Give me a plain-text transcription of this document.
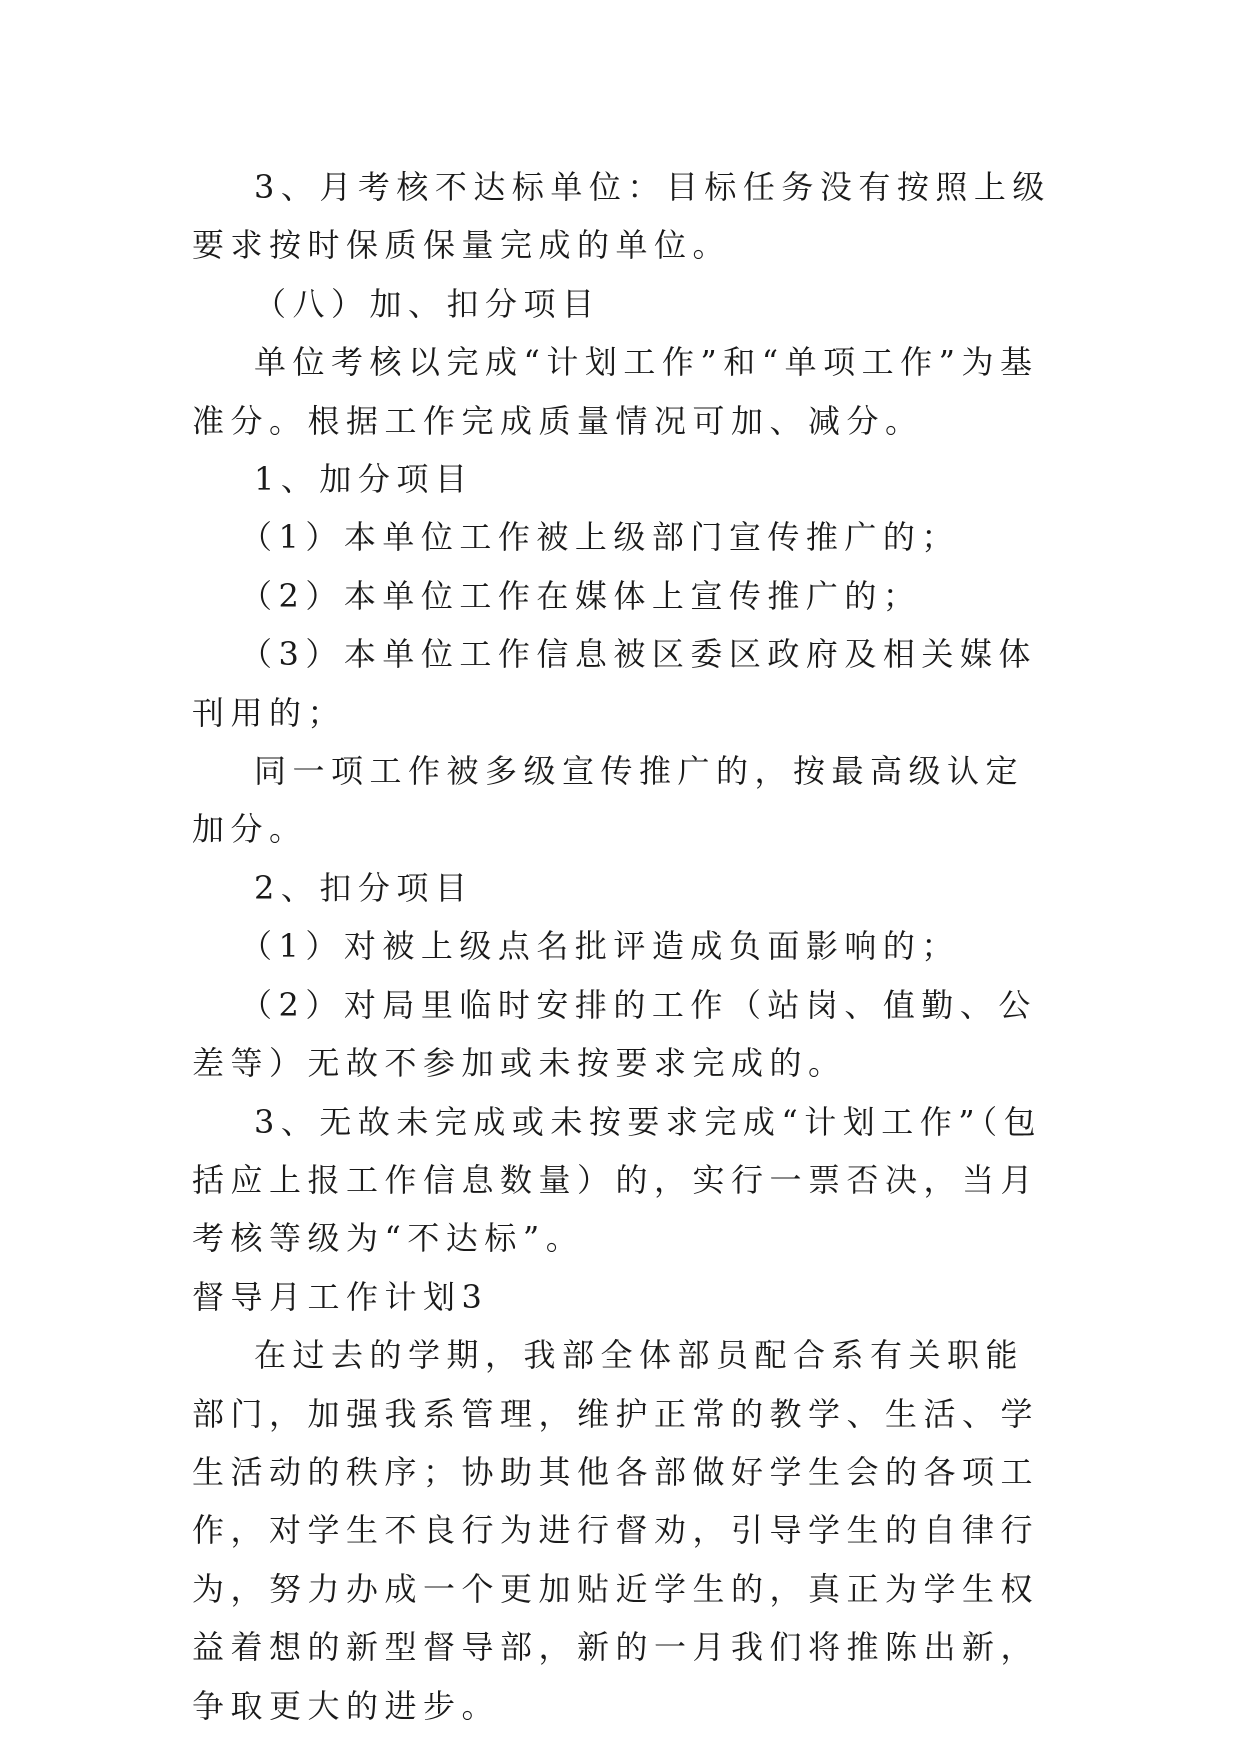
3、月考核不达标单位：目标任务没有按照上级要求按时保质保量完成的单位。

（八）加、扣分项目

单位考核以完成“计划工作”和“单项工作”为基准分。根据工作完成质量情况可加、减分。

1、加分项目

（1）本单位工作被上级部门宣传推广的；

（2）本单位工作在媒体上宣传推广的；

（3）本单位工作信息被区委区政府及相关媒体刊用的；

同一项工作被多级宣传推广的，按最高级认定加分。

2、扣分项目

（1）对被上级点名批评造成负面影响的；

（2）对局里临时安排的工作（站岗、值勤、公差等）无故不参加或未按要求完成的。

3、无故未完成或未按要求完成“计划工作”（包括应上报工作信息数量）的，实行一票否决，当月考核等级为“不达标”。

督导月工作计划3

在过去的学期，我部全体部员配合系有关职能部门，加强我系管理，维护正常的教学、生活、学生活动的秩序；协助其他各部做好学生会的各项工作，对学生不良行为进行督劝，引导学生的自律行为，努力办成一个更加贴近学生的，真正为学生权益着想的新型督导部，新的一月我们将推陈出新，争取更大的进步。
